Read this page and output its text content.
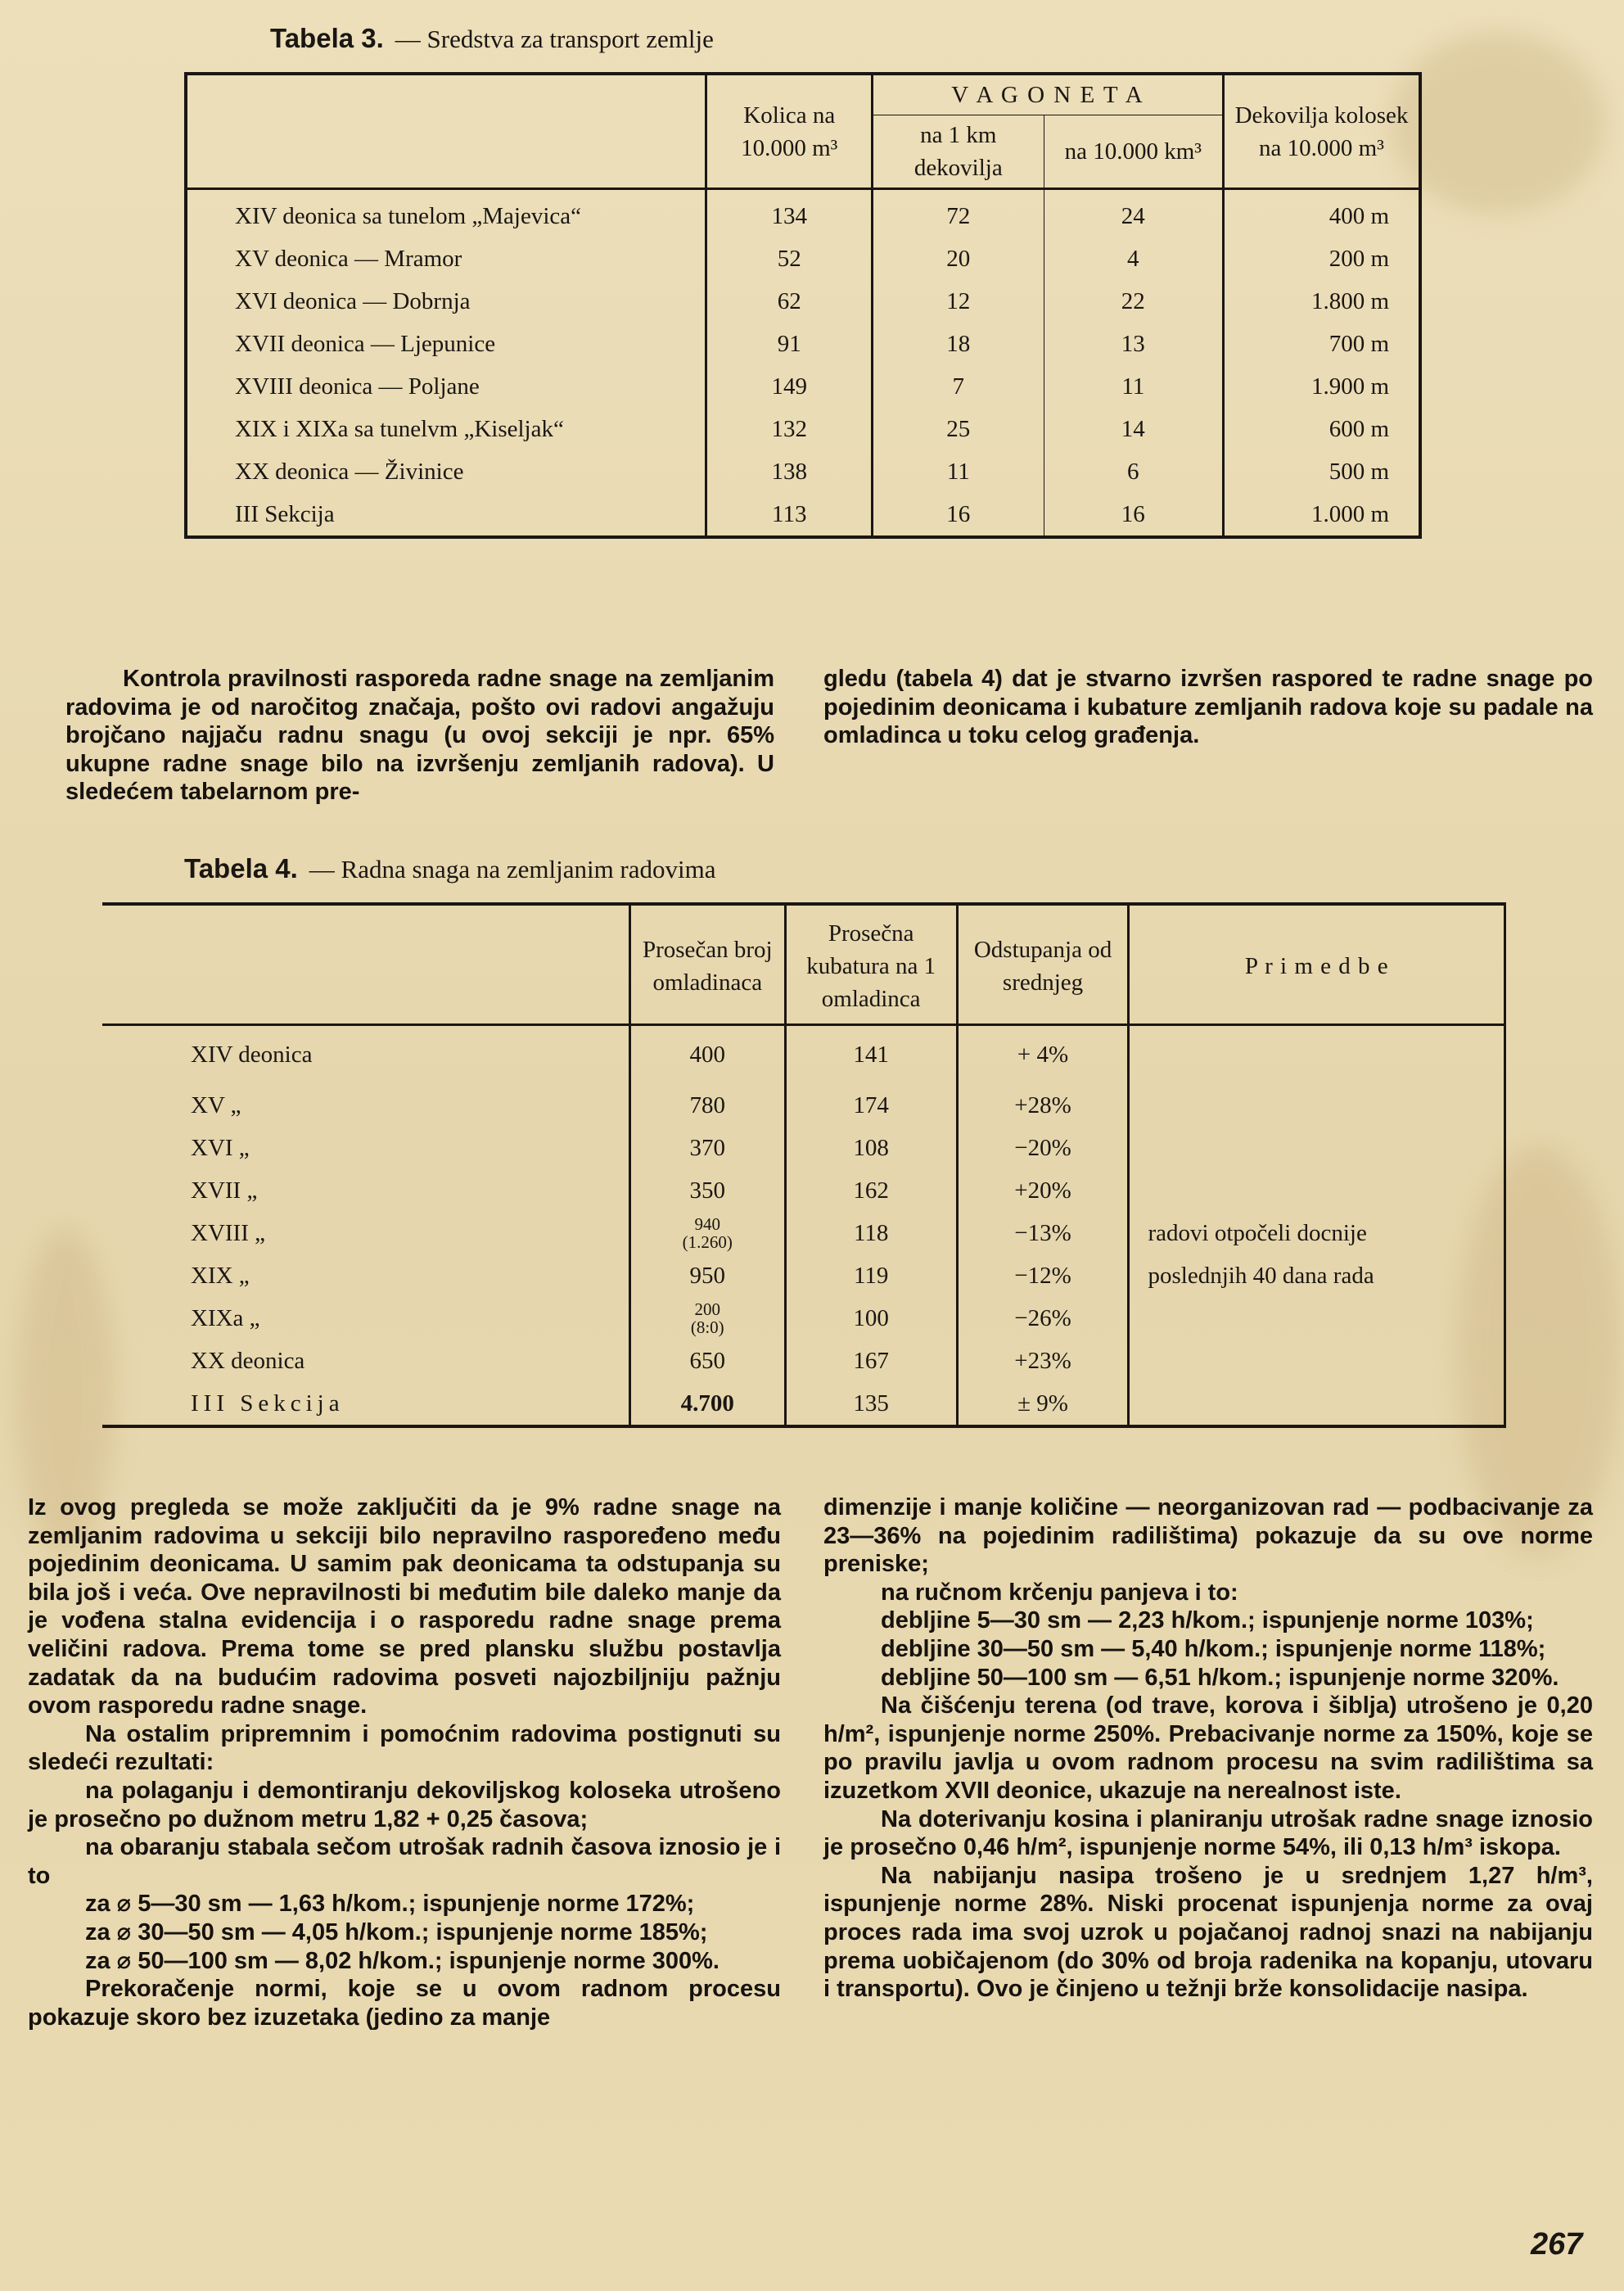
Tabela 3. — Sredstva za transport zemlje
	Kolica na 10.000 m³	V A G O N E T A		Dekovilja kolosek na 10.000 m³
		na 1 km dekovilja	na 10.000 km³	
XIV deonica sa tunelom „Majevica“	134	72	24	400 m
XV deonica — Mramor	52	20	4	200 m
XVI deonica — Dobrnja	62	12	22	1.800 m
XVII deonica — Ljepunice	91	18	13	700 m
XVIII deonica — Poljane	149	7	11	1.900 m
XIX i XIXa sa tunelvm „Kiseljak“	132	25	14	600 m
XX deonica — Živinice	138	11	6	500 m
III Sekcija	113	16	16	1.000 m

Kontrola pravilnosti rasporeda radne snage na zemljanim radovima je od naročitog značaja, pošto ovi radovi angažuju brojčano najjaču radnu snagu (u ovoj sekciji je npr. 65% ukupne radne snage bilo na izvršenju zemljanih radova). U sledećem tabelarnom pre-

gledu (tabela 4) dat je stvarno izvršen raspored te radne snage po pojedinim deonicama i kubature zemljanih radova koje su padale na omladinca u toku celog građenja.

Tabela 4. — Radna snaga na zemljanim radovima
	Prosečan broj omladinaca	Prosečna kubatura na 1 omladinca	Odstupanja od srednjeg	P r i m e d b e
XIV deonica	400	141	+ 4%	
XV „	780	174	+28%	
XVI „	370	108	−20%	
XVII „	350	162	+20%	
XVIII „	940
(1.260)	118	−13%	radovi otpočeli docnije
XIX „	950	119	−12%	poslednjih 40 dana rada
XIXa „	200
(8:0)	100	−26%	
XX deonica	650	167	+23%	
III Sekcija	4.700	135	± 9%	

Iz ovog pregleda se može zaključiti da je 9% radne snage na zemljanim radovima u sekciji bilo nepravilno raspoređeno među pojedinim deonicama. U samim pak deonicama ta odstupanja su bila još i veća. Ove nepravilnosti bi međutim bile daleko manje da je vođena stalna evidencija i o rasporedu radne snage prema veličini radova. Prema tome se pred plansku službu postavlja zadatak da na budućim radovima posveti najozbiljniju pažnju ovom rasporedu radne snage.

Na ostalim pripremnim i pomoćnim radovima postignuti su sledeći rezultati:

na polaganju i demontiranju dekoviljskog koloseka utrošeno je prosečno po dužnom metru 1,82 + 0,25 časova;

na obaranju stabala sečom utrošak radnih časova iznosio je i to

za ⌀ 5—30 sm — 1,63 h/kom.; ispunjenje norme 172%;

za ⌀ 30—50 sm — 4,05 h/kom.; ispunjenje norme 185%;

za ⌀ 50—100 sm — 8,02 h/kom.; ispunjenje norme 300%.

Prekoračenje normi, koje se u ovom radnom procesu pokazuje skoro bez izuzetaka (jedino za manje

dimenzije i manje količine — neorganizovan rad — podbacivanje za 23—36% na pojedinim radilištima) pokazuje da su ove norme preniske;

na ručnom krčenju panjeva i to:

debljine 5—30 sm — 2,23 h/kom.; ispunjenje norme 103%;

debljine 30—50 sm — 5,40 h/kom.; ispunjenje norme 118%;

debljine 50—100 sm — 6,51 h/kom.; ispunjenje norme 320%.

Na čišćenju terena (od trave, korova i šiblja) utrošeno je 0,20 h/m², ispunjenje norme 250%. Prebacivanje norme za 150%, koje se po pravilu javlja u ovom radnom procesu na svim radilištima sa izuzetkom XVII deonice, ukazuje na nerealnost iste.

Na doterivanju kosina i planiranju utrošak radne snage iznosio je prosečno 0,46 h/m², ispunjenje norme 54%, ili 0,13 h/m³ iskopa.

Na nabijanju nasipa trošeno je u srednjem 1,27 h/m³, ispunjenje norme 28%. Niski procenat ispunjenja norme za ovaj proces rada ima svoj uzrok u pojačanoj radnoj snazi na nabijanju prema uobičajenom (do 30% od broja radenika na kopanju, utovaru i transportu). Ovo je činjeno u težnji brže konsolidacije nasipa.

267
